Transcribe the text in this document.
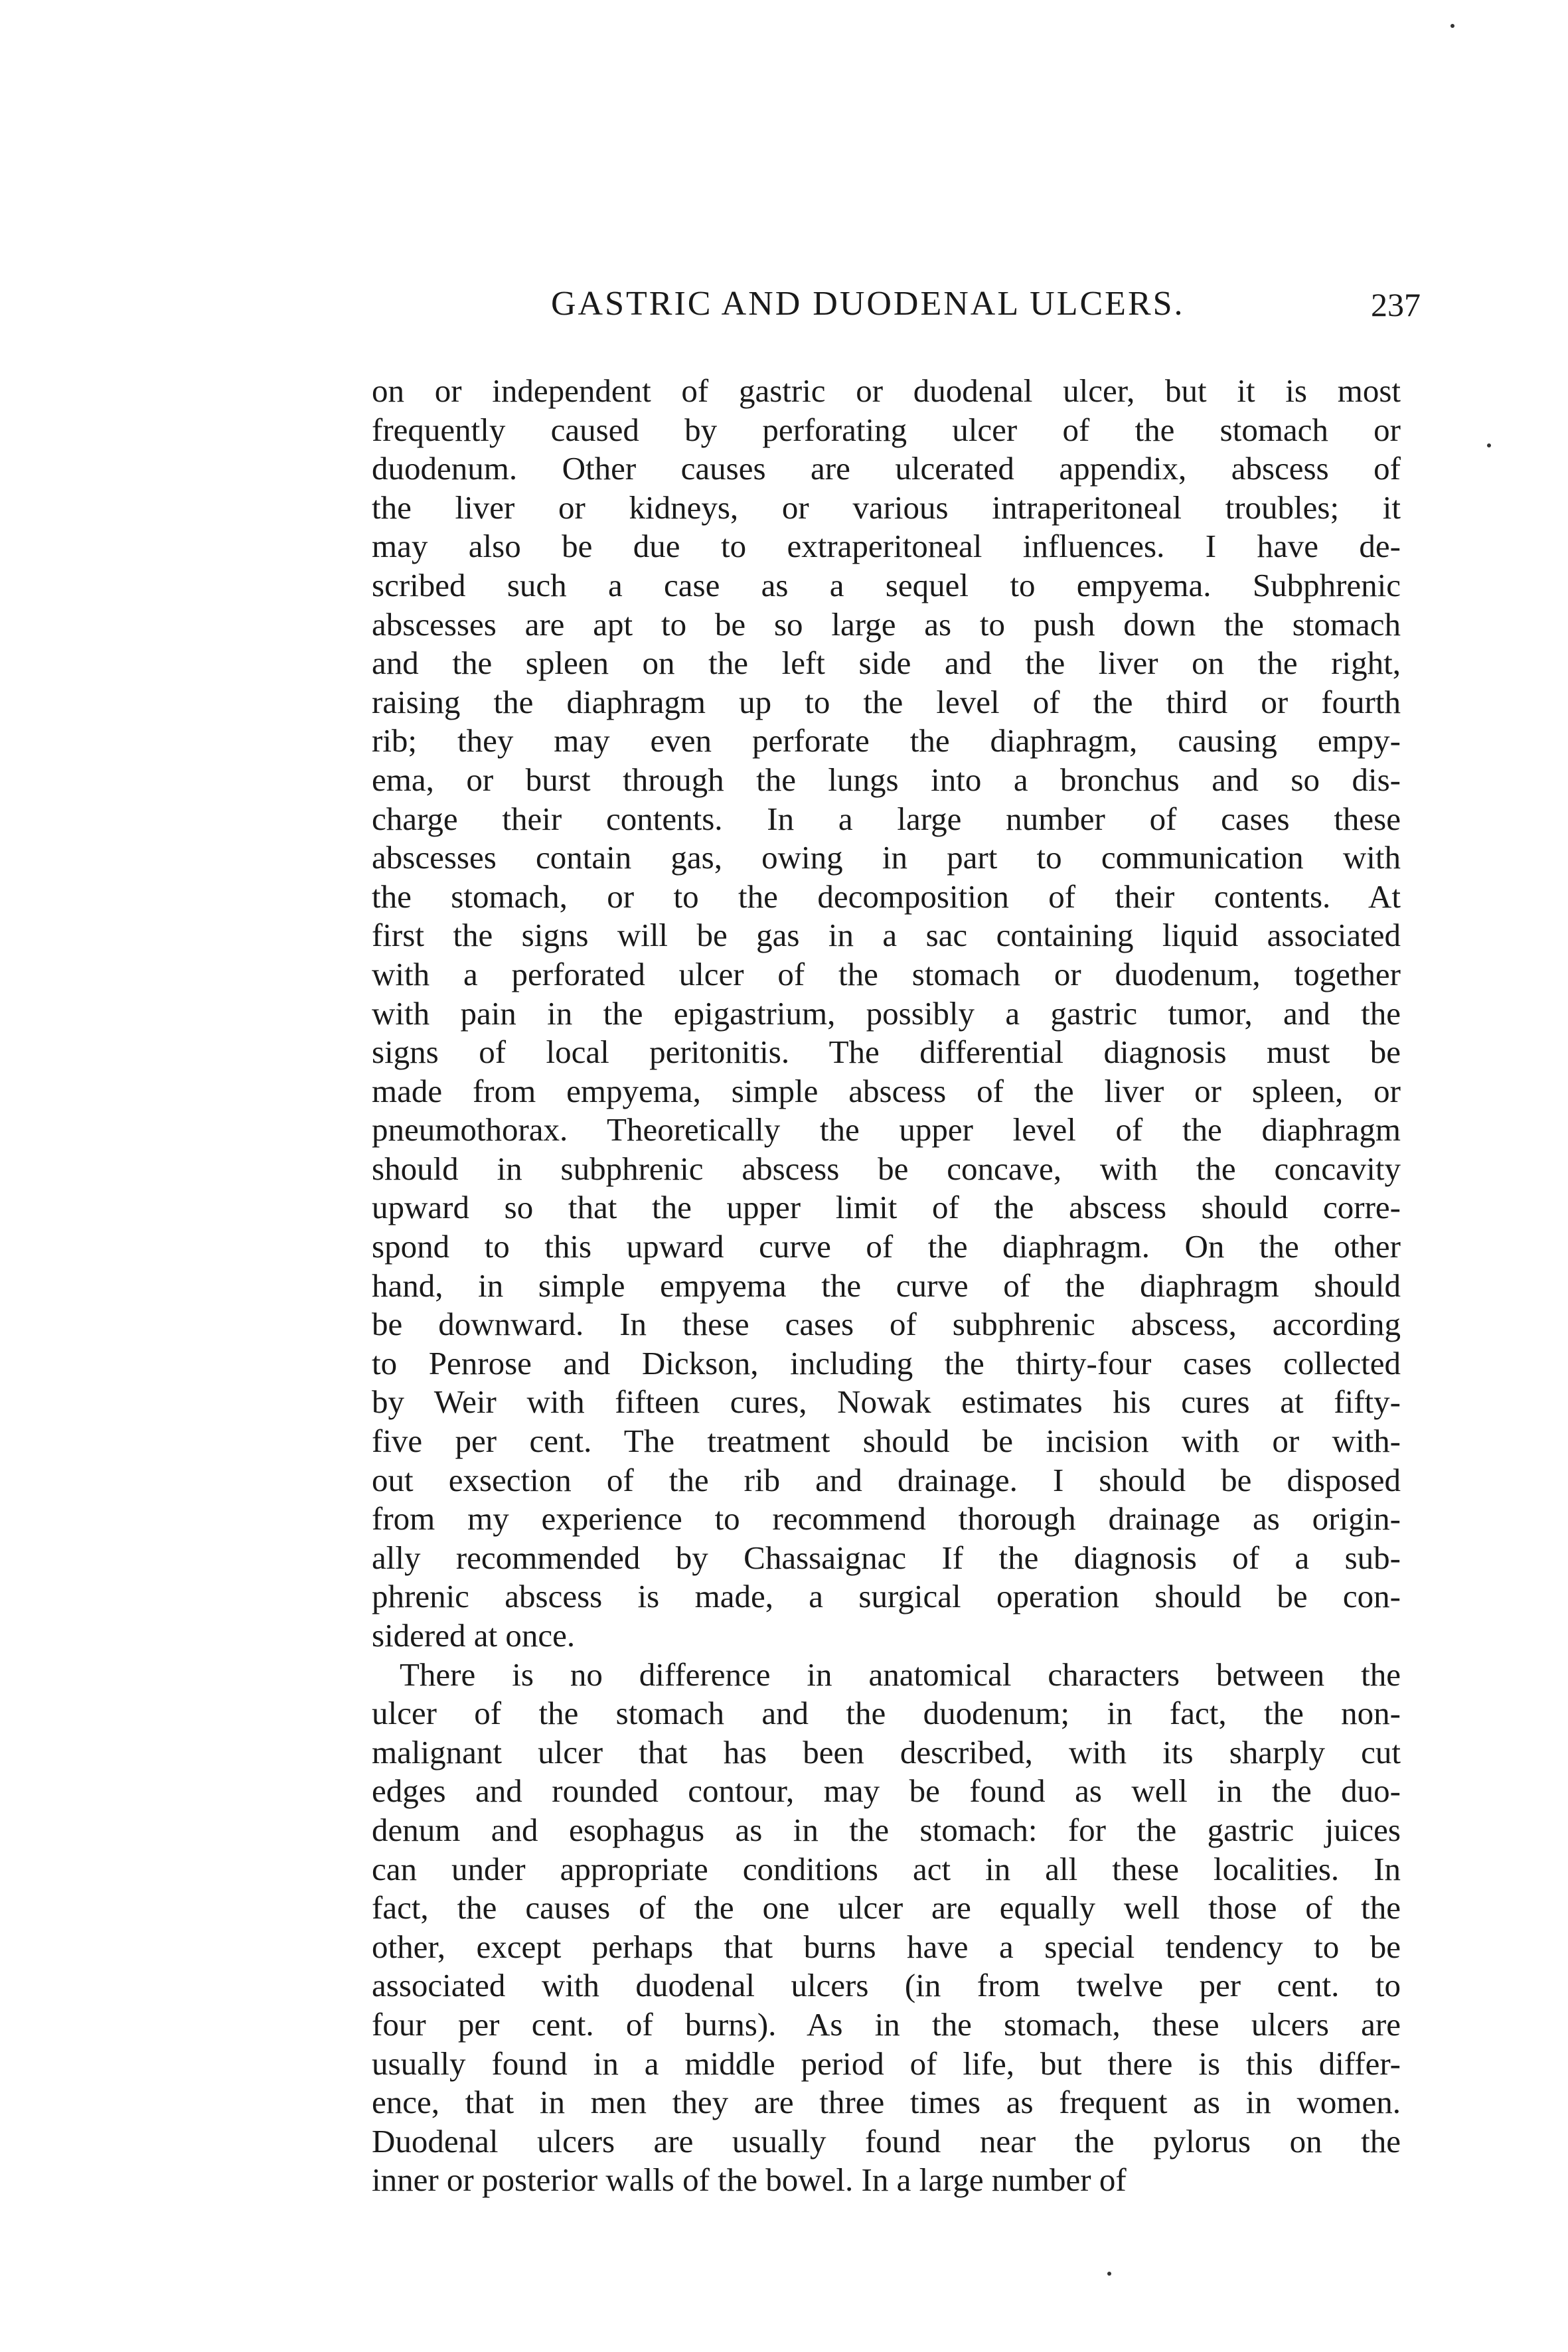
GASTRIC AND DUODENAL ULCERS.	237
on or independent of gastric or duodenal ulcer, but it is most
frequently caused by perforating ulcer of the stomach or
duodenum. Other causes are ulcerated appendix, abscess of
the liver or kidneys, or various intraperitoneal troubles; it
may also be due to extraperitoneal influences. I have de-
scribed such a case as a sequel to empyema. Subphrenic
abscesses are apt to be so large as to push down the stomach
and the spleen on the left side and the liver on the right,
raising the diaphragm up to the level of the third or fourth
rib; they may even perforate the diaphragm, causing empy-
ema, or burst through the lungs into a bronchus and so dis-
charge their contents. In a large number of cases these
abscesses contain gas, owing in part to communication with
the stomach, or to the decomposition of their contents. At
first the signs will be gas in a sac containing liquid associated
with a perforated ulcer of the stomach or duodenum, together
with pain in the epigastrium, possibly a gastric tumor, and the
signs of local peritonitis. The differential diagnosis must be
made from empyema, simple abscess of the liver or spleen, or
pneumothorax. Theoretically the upper level of the diaphragm
should in subphrenic abscess be concave, with the concavity
upward so that the upper limit of the abscess should corre-
spond to this upward curve of the diaphragm. On the other
hand, in simple empyema the curve of the diaphragm should
be downward. In these cases of subphrenic abscess, according
to Penrose and Dickson, including the thirty-four cases collected
by Weir with fifteen cures, Nowak estimates his cures at fifty-
five per cent. The treatment should be incision with or with-
out exsection of the rib and drainage. I should be disposed
from my experience to recommend thorough drainage as origin-
ally recommended by Chassaignac If the diagnosis of a sub-
phrenic abscess is made, a surgical operation should be con-
sidered at once.
There is no difference in anatomical characters between the
ulcer of the stomach and the duodenum; in fact, the non-
malignant ulcer that has been described, with its sharply cut
edges and rounded contour, may be found as well in the duo-
denum and esophagus as in the stomach: for the gastric juices
can under appropriate conditions act in all these localities. In
fact, the causes of the one ulcer are equally well those of the
other, except perhaps that burns have a special tendency to be
associated with duodenal ulcers (in from twelve per cent. to
four per cent. of burns). As in the stomach, these ulcers are
usually found in a middle period of life, but there is this differ-
ence, that in men they are three times as frequent as in women.
Duodenal ulcers are usually found near the pylorus on the
inner or posterior walls of the bowel. In a large number of
